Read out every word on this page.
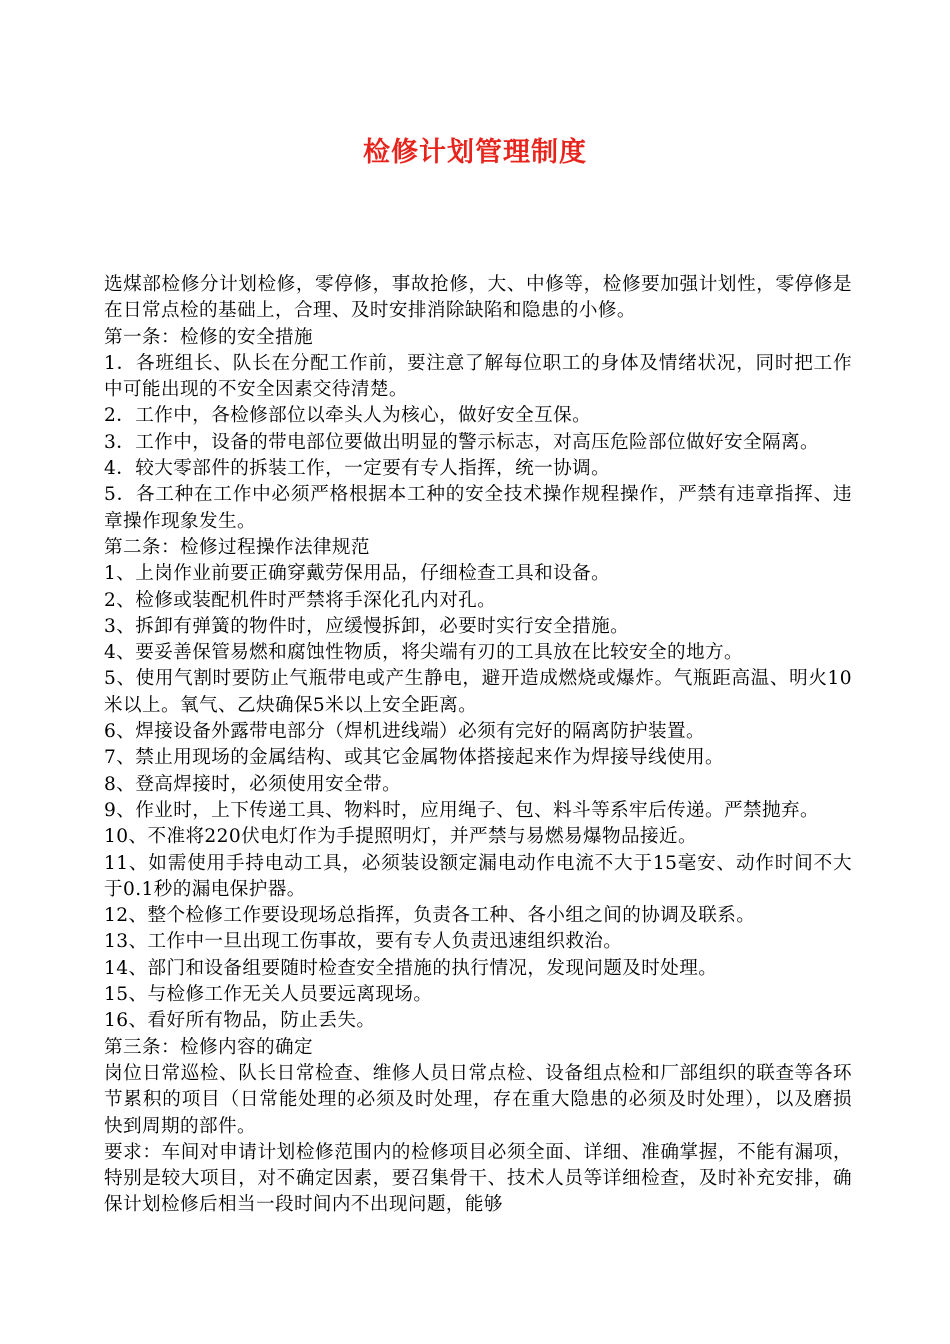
检修计划管理制度

选煤部检修分计划检修，零停修，事故抢修，大、中修等，检修要加强计划性，零停修是在日常点检的基础上，合理、及时安排消除缺陷和隐患的小修。

第一条：检修的安全措施

1．各班组长、队长在分配工作前，要注意了解每位职工的身体及情绪状况，同时把工作中可能出现的不安全因素交待清楚。

2．工作中，各检修部位以牵头人为核心，做好安全互保。

3．工作中，设备的带电部位要做出明显的警示标志，对高压危险部位做好安全隔离。

4．较大零部件的拆装工作，一定要有专人指挥，统一协调。

5．各工种在工作中必须严格根据本工种的安全技术操作规程操作，严禁有违章指挥、违章操作现象发生。

第二条：检修过程操作法律规范

1、上岗作业前要正确穿戴劳保用品，仔细检查工具和设备。

2、检修或装配机件时严禁将手深化孔内对孔。

3、拆卸有弹簧的物件时，应缓慢拆卸，必要时实行安全措施。

4、要妥善保管易燃和腐蚀性物质，将尖端有刃的工具放在比较安全的地方。

5、使用气割时要防止气瓶带电或产生静电，避开造成燃烧或爆炸。气瓶距高温、明火10米以上。氧气、乙炔确保5米以上安全距离。

6、焊接设备外露带电部分（焊机进线端）必须有完好的隔离防护装置。

7、禁止用现场的金属结构、或其它金属物体搭接起来作为焊接导线使用。

8、登高焊接时，必须使用安全带。

9、作业时，上下传递工具、物料时，应用绳子、包、料斗等系牢后传递。严禁抛弃。

10、不准将220伏电灯作为手提照明灯，并严禁与易燃易爆物品接近。

11、如需使用手持电动工具，必须装设额定漏电动作电流不大于15毫安、动作时间不大于0.1秒的漏电保护器。

12、整个检修工作要设现场总指挥，负责各工种、各小组之间的协调及联系。

13、工作中一旦出现工伤事故，要有专人负责迅速组织救治。

14、部门和设备组要随时检查安全措施的执行情况，发现问题及时处理。

15、与检修工作无关人员要远离现场。

16、看好所有物品，防止丢失。

第三条：检修内容的确定

岗位日常巡检、队长日常检查、维修人员日常点检、设备组点检和厂部组织的联查等各环节累积的项目（日常能处理的必须及时处理，存在重大隐患的必须及时处理），以及磨损快到周期的部件。

要求：车间对申请计划检修范围内的检修项目必须全面、详细、准确掌握，不能有漏项，特别是较大项目，对不确定因素，要召集骨干、技术人员等详细检查，及时补充安排，确保计划检修后相当一段时间内不出现问题，能够
